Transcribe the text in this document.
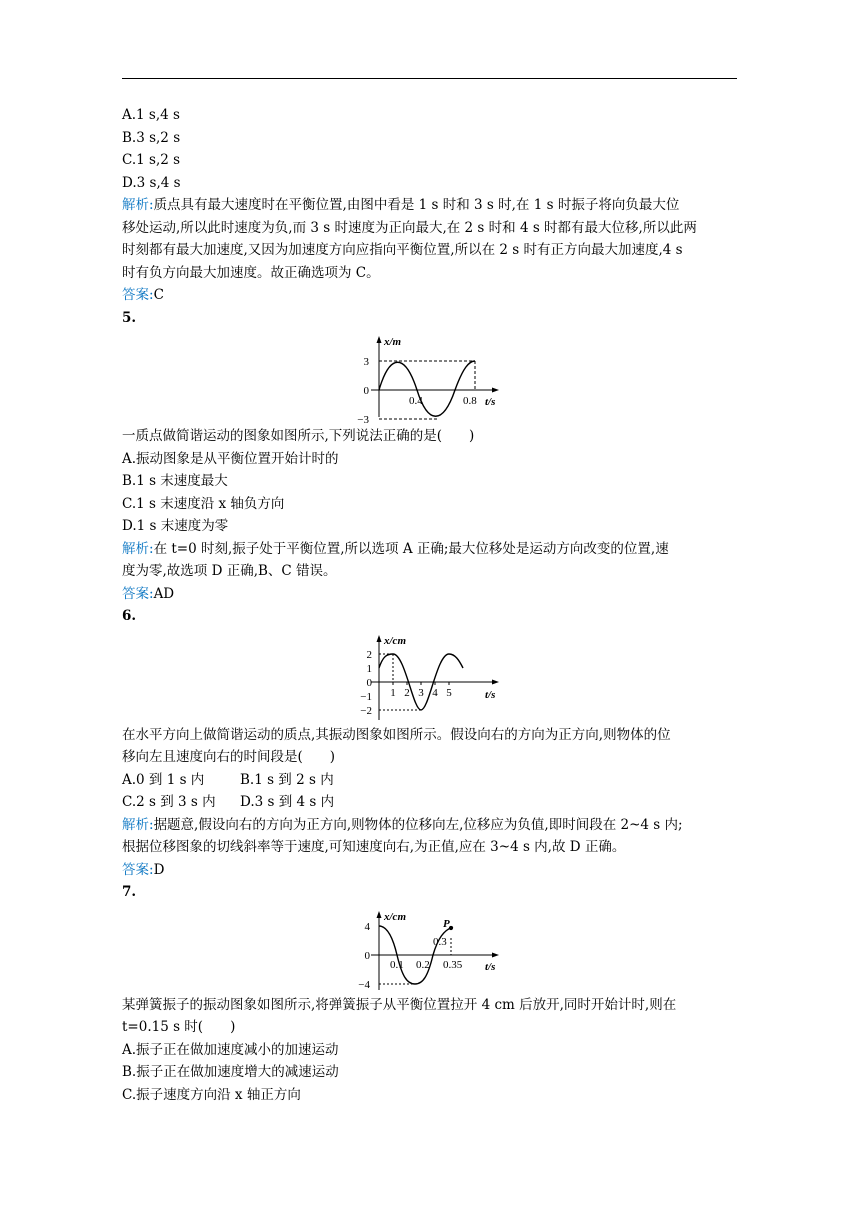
A.1 s,4 s
B.3 s,2 s
C.1 s,2 s
D.3 s,4 s
解析:质点具有最大速度时在平衡位置,由图中看是 1 s 时和 3 s 时,在 1 s 时振子将向负最大位
移处运动,所以此时速度为负,而 3 s 时速度为正向最大,在 2 s 时和 4 s 时都有最大位移,所以此两
时刻都有最大加速度,又因为加速度方向应指向平衡位置,所以在 2 s 时有正方向最大加速度,4 s
时有负方向最大加速度。故正确选项为 C。
答案:C
5.
x/m
3
0
−3
0.4	0.8 t/s
一质点做简谐运动的图象如图所示,下列说法正确的是(　　)
A.振动图象是从平衡位置开始计时的
B.1 s 末速度最大
C.1 s 末速度沿 x 轴负方向
D.1 s 末速度为零
解析:在 t=0 时刻,振子处于平衡位置,所以选项 A 正确;最大位移处是运动方向改变的位置,速
度为零,故选项 D 正确,B、C 错误。
答案:AD
6.
x/cm
2
1
0
−1
−2
1 2 3 4 5	t/s
在水平方向上做简谐运动的质点,其振动图象如图所示。假设向右的方向为正方向,则物体的位
移向左且速度向右的时间段是(　　)
A.0 到 1 s 内	B.1 s 到 2 s 内
C.2 s 到 3 s 内 D.3 s 到 4 s 内
解析:据题意,假设向右的方向为正方向,则物体的位移向左,位移应为负值,即时间段在 2~4 s 内;
根据位移图象的切线斜率等于速度,可知速度向右,为正值,应在 3~4 s 内,故 D 正确。
答案:D
7.
x/cm
4
0
−4
0.1 0.2
0.3
0.35
P
t/s
某弹簧振子的振动图象如图所示,将弹簧振子从平衡位置拉开 4 cm 后放开,同时开始计时,则在
t=0.15 s 时(　　)
A.振子正在做加速度减小的加速运动
B.振子正在做加速度增大的减速运动
C.振子速度方向沿 x 轴正方向
